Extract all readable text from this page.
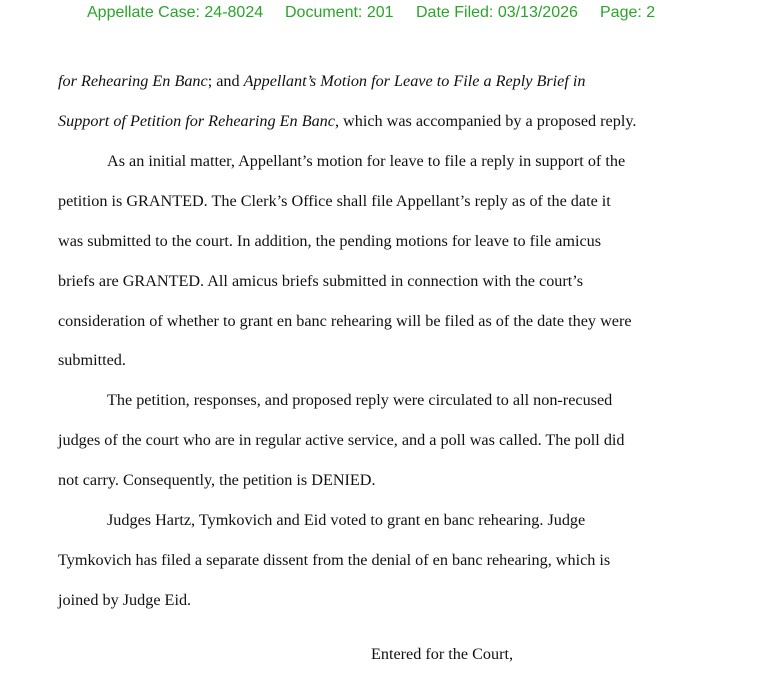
Appellate Case: 24-8024 Document: 201 Date Filed: 03/13/2026 Page: 2
for Rehearing En Banc; and Appellant’s Motion for Leave to File a Reply Brief in
Support of Petition for Rehearing En Banc, which was accompanied by a proposed reply.
As an initial matter, Appellant’s motion for leave to file a reply in support of the
petition is GRANTED. The Clerk’s Office shall file Appellant’s reply as of the date it
was submitted to the court. In addition, the pending motions for leave to file amicus
briefs are GRANTED. All amicus briefs submitted in connection with the court’s
consideration of whether to grant en banc rehearing will be filed as of the date they were
submitted.
The petition, responses, and proposed reply were circulated to all non-recused
judges of the court who are in regular active service, and a poll was called. The poll did
not carry. Consequently, the petition is DENIED.
Judges Hartz, Tymkovich and Eid voted to grant en banc rehearing. Judge
Tymkovich has filed a separate dissent from the denial of en banc rehearing, which is
joined by Judge Eid.
Entered for the Court,
